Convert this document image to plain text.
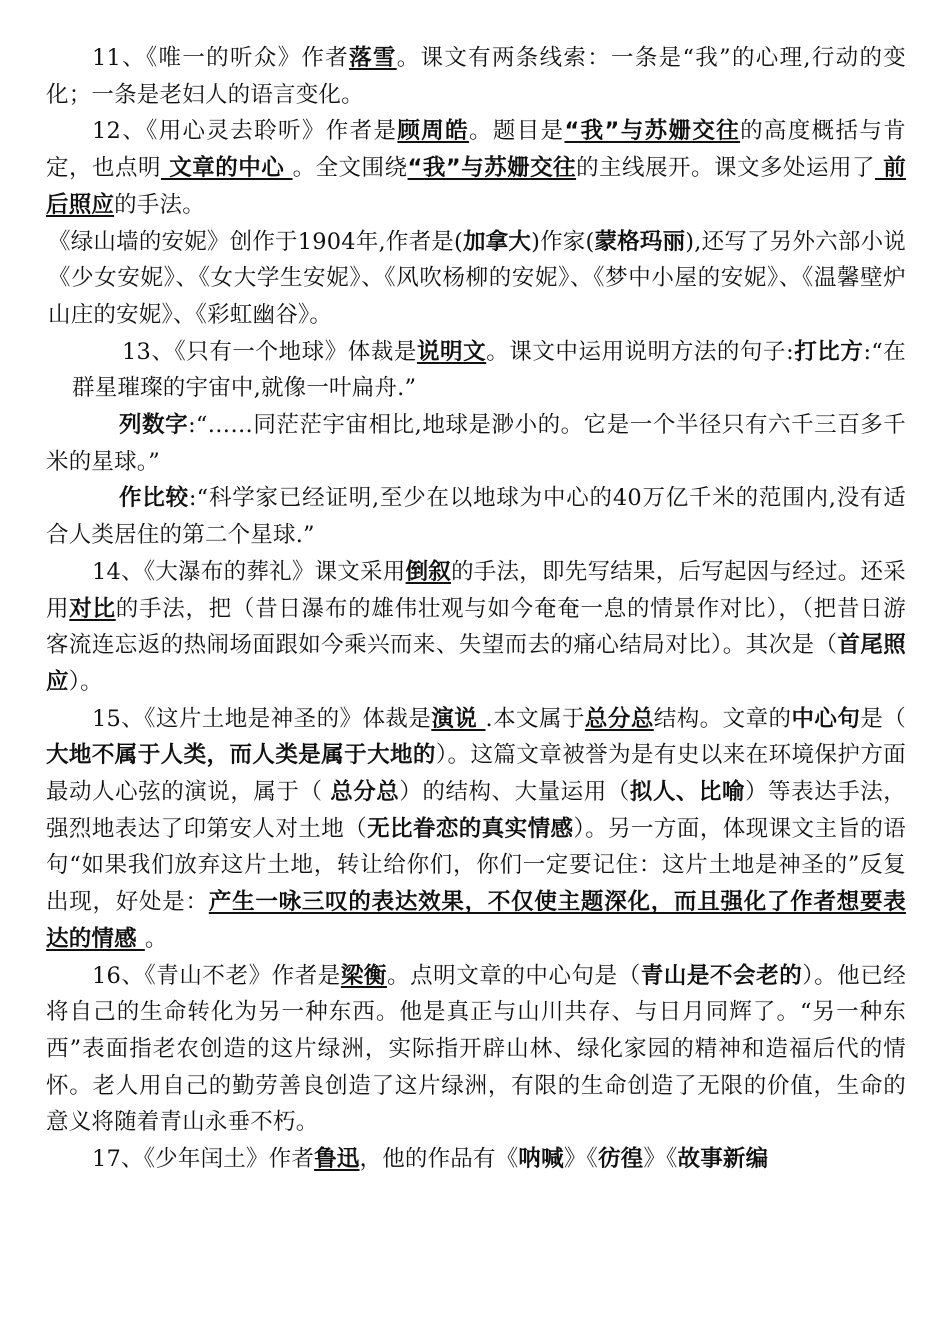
11、《唯一的听众》作者落雪。课文有两条线索：一条是“我”的心理,行动的变化；一条是老妇人的语言变化。

12、《用心灵去聆听》作者是顾周皓。题目是“我”与苏姗交往的高度概括与肯定，也点明 文章的中心 。全文围绕“我”与苏姗交往的主线展开。课文多处运用了 前后照应的手法。

《绿山墙的安妮》创作于1904年,作者是(加拿大)作家(蒙格玛丽),还写了另外六部小说《少女安妮》、《女大学生安妮》、《风吹杨柳的安妮》、《梦中小屋的安妮》、《温馨壁炉山庄的安妮》、《彩虹幽谷》。

13、《只有一个地球》体裁是说明文。课文中运用说明方法的句子:打比方:“在群星璀璨的宇宙中,就像一叶扁舟.”

列数字:“……同茫茫宇宙相比,地球是渺小的。它是一个半径只有六千三百多千米的星球。”

作比较:“科学家已经证明,至少在以地球为中心的40万亿千米的范围内,没有适合人类居住的第二个星球.”

14、《大瀑布的葬礼》课文采用倒叙的手法，即先写结果，后写起因与经过。还采用对比的手法，把（昔日瀑布的雄伟壮观与如今奄奄一息的情景作对比），（把昔日游客流连忘返的热闹场面跟如今乘兴而来、失望而去的痛心结局对比）。其次是（首尾照应）。

15、《这片土地是神圣的》体裁是演说 .本文属于总分总结构。文章的中心句是（ 大地不属于人类，而人类是属于大地的）。这篇文章被誉为是有史以来在环境保护方面最动人心弦的演说，属于（ 总分总）的结构、大量运用（拟人、比喻）等表达手法，强烈地表达了印第安人对土地（无比眷恋的真实情感）。另一方面，体现课文主旨的语句“如果我们放弃这片土地，转让给你们，你们一定要记住：这片土地是神圣的”反复出现，好处是：产生一咏三叹的表达效果，不仅使主题深化，而且强化了作者想要表达的情感 。

16、《青山不老》作者是梁衡。点明文章的中心句是（青山是不会老的）。他已经将自己的生命转化为另一种东西。他是真正与山川共存、与日月同辉了。“另一种东西”表面指老农创造的这片绿洲，实际指开辟山林、绿化家园的精神和造福后代的情怀。老人用自己的勤劳善良创造了这片绿洲，有限的生命创造了无限的价值，生命的意义将随着青山永垂不朽。

17、《少年闰土》作者鲁迅，他的作品有《呐喊》《彷徨》《故事新编
